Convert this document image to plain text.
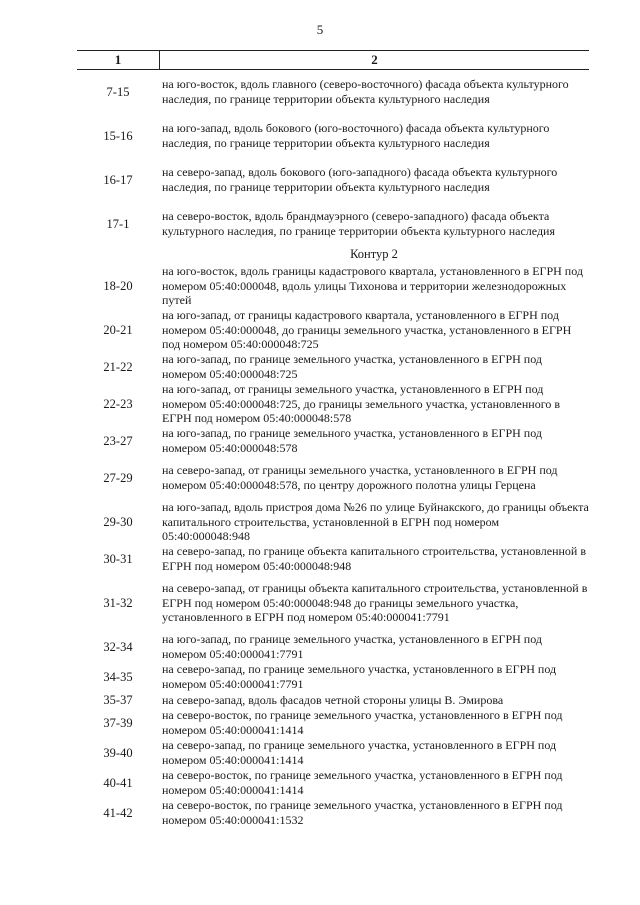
5
1	2
7-15
на юго-восток, вдоль главного (северо-восточного) фасада объекта культурного наследия, по границе территории объекта культурного наследия
15-16
на юго-запад, вдоль бокового (юго-восточного) фасада объекта культурного наследия, по границе территории объекта культурного наследия
16-17
на северо-запад, вдоль бокового (юго-западного) фасада объекта культурного наследия, по границе территории объекта культурного наследия
17-1
на северо-восток, вдоль брандмауэрного (северо-западного) фасада объекта культурного наследия, по границе территории объекта культурного наследия
Контур 2
18-20
на юго-восток, вдоль границы кадастрового квартала, установленного в ЕГРН под номером 05:40:000048, вдоль улицы Тихонова и территории железнодорожных путей
20-21
на юго-запад, от границы кадастрового квартала, установленного в ЕГРН под номером 05:40:000048, до границы земельного участка, установленного в ЕГРН под номером 05:40:000048:725
21-22
на юго-запад, по границе земельного участка, установленного в ЕГРН под номером 05:40:000048:725
22-23
на юго-запад, от границы земельного участка, установленного в ЕГРН под номером 05:40:000048:725, до границы земельного участка, установленного в ЕГРН под номером 05:40:000048:578
23-27
на юго-запад, по границе земельного участка, установленного в ЕГРН под номером 05:40:000048:578
27-29
на северо-запад, от границы земельного участка, установленного в ЕГРН под номером 05:40:000048:578, по центру дорожного полотна улицы Герцена
29-30
на юго-запад, вдоль пристроя дома №26 по улице Буйнакского, до границы объекта капитального строительства, установленной в ЕГРН под номером 05:40:000048:948
30-31
на северо-запад, по границе объекта капитального строительства, установленной в ЕГРН под номером 05:40:000048:948
31-32
на северо-запад, от границы объекта капитального строительства, установленной в ЕГРН под номером 05:40:000048:948 до границы земельного участка, установленного в ЕГРН под номером 05:40:000041:7791
32-34
на юго-запад, по границе земельного участка, установленного в ЕГРН под номером 05:40:000041:7791
34-35
на северо-запад, по границе земельного участка, установленного в ЕГРН под номером 05:40:000041:7791
35-37	на северо-запад, вдоль фасадов четной стороны улицы В. Эмирова
37-39
на северо-восток, по границе земельного участка, установленного в ЕГРН под номером 05:40:000041:1414
39-40
на северо-запад, по границе земельного участка, установленного в ЕГРН под номером 05:40:000041:1414
40-41
на северо-восток, по границе земельного участка, установленного в ЕГРН под номером 05:40:000041:1414
41-42
на северо-восток, по границе земельного участка, установленного в ЕГРН под номером 05:40:000041:1532
